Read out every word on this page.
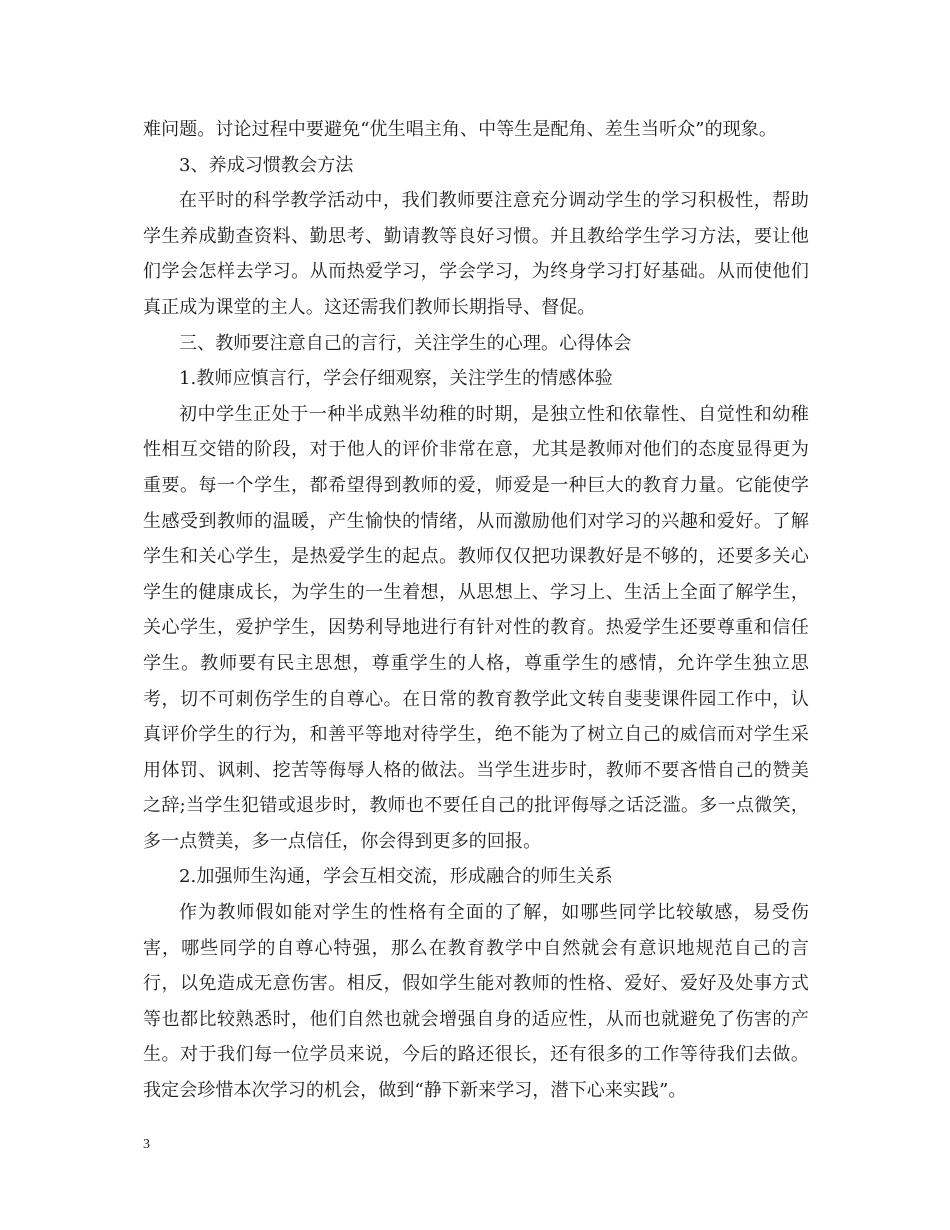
难问题。讨论过程中要避免“优生唱主角、中等生是配角、差生当听众”的现象。

3、养成习惯教会方法

在平时的科学教学活动中，我们教师要注意充分调动学生的学习积极性，帮助学生养成勤查资料、勤思考、勤请教等良好习惯。并且教给学生学习方法，要让他们学会怎样去学习。从而热爱学习，学会学习，为终身学习打好基础。从而使他们真正成为课堂的主人。这还需我们教师长期指导、督促。

三、教师要注意自己的言行，关注学生的心理。心得体会

1.教师应慎言行，学会仔细观察，关注学生的情感体验

初中学生正处于一种半成熟半幼稚的时期，是独立性和依靠性、自觉性和幼稚性相互交错的阶段，对于他人的评价非常在意，尤其是教师对他们的态度显得更为重要。每一个学生，都希望得到教师的爱，师爱是一种巨大的教育力量。它能使学生感受到教师的温暖，产生愉快的情绪，从而激励他们对学习的兴趣和爱好。了解学生和关心学生，是热爱学生的起点。教师仅仅把功课教好是不够的，还要多关心学生的健康成长，为学生的一生着想，从思想上、学习上、生活上全面了解学生，关心学生，爱护学生，因势利导地进行有针对性的教育。热爱学生还要尊重和信任学生。教师要有民主思想，尊重学生的人格，尊重学生的感情，允许学生独立思考，切不可刺伤学生的自尊心。在日常的教育教学此文转自斐斐课件园工作中，认真评价学生的行为，和善平等地对待学生，绝不能为了树立自己的威信而对学生采用体罚、讽刺、挖苦等侮辱人格的做法。当学生进步时，教师不要吝惜自己的赞美之辞;当学生犯错或退步时，教师也不要任自己的批评侮辱之话泛滥。多一点微笑，多一点赞美，多一点信任，你会得到更多的回报。

2.加强师生沟通，学会互相交流，形成融合的师生关系

作为教师假如能对学生的性格有全面的了解，如哪些同学比较敏感，易受伤害，哪些同学的自尊心特强，那么在教育教学中自然就会有意识地规范自己的言行，以免造成无意伤害。相反，假如学生能对教师的性格、爱好、爱好及处事方式等也都比较熟悉时，他们自然也就会增强自身的适应性，从而也就避免了伤害的产生。对于我们每一位学员来说，今后的路还很长，还有很多的工作等待我们去做。我定会珍惜本次学习的机会，做到“静下新来学习，潜下心来实践”。

3
